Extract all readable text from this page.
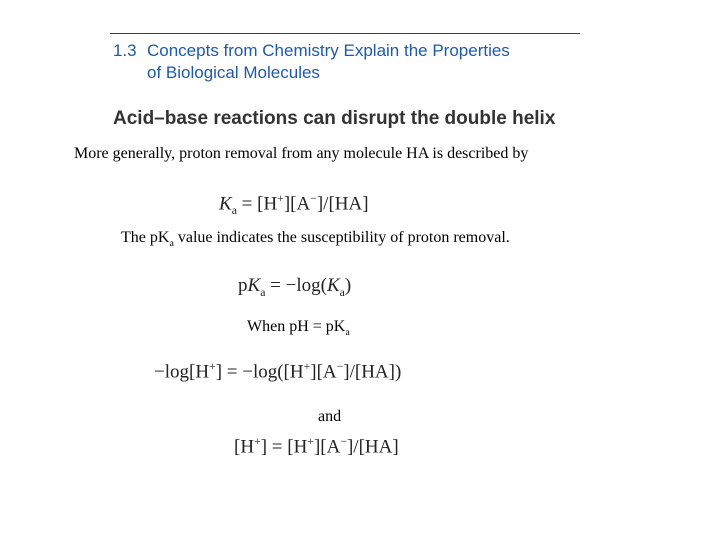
1.3 Concepts from Chemistry Explain the Properties
of Biological Molecules
Acid–base reactions can disrupt the double helix
More generally, proton removal from any molecule HA is described by
$K_a = [H^+][A^-]/[HA]$
The $pK_a$ value indicates the susceptibility of proton removal.
$pK_a = -\log(K_a)$
When pH = $pK_a$
−log[H+] = −log([H+][A−]/[HA])
and
[H+] = [H+][A−]/[HA]
